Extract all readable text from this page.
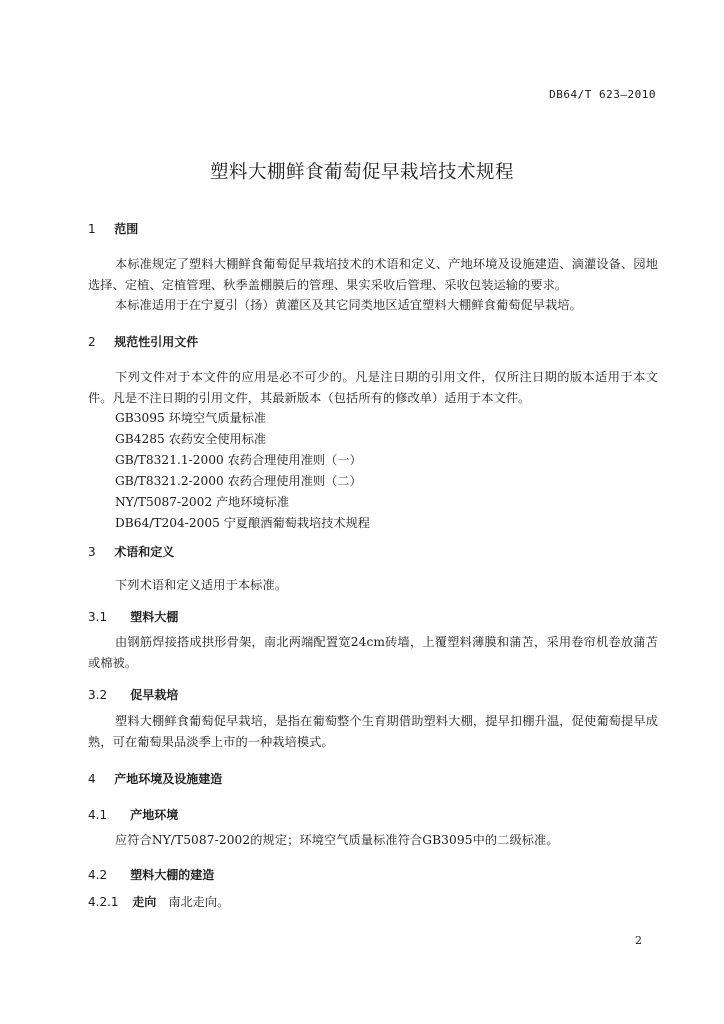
DB64/T 623—2010
塑料大棚鲜食葡萄促早栽培技术规程
1 范围
本标准规定了塑料大棚鲜食葡萄促早栽培技术的术语和定义、产地环境及设施建造、滴灌设备、园地选择、定植、定植管理、秋季盖棚膜后的管理、果实采收后管理、采收包装运输的要求。
本标准适用于在宁夏引（扬）黄灌区及其它同类地区适宜塑料大棚鲜食葡萄促早栽培。
2 规范性引用文件
下列文件对于本文件的应用是必不可少的。凡是注日期的引用文件，仅所注日期的版本适用于本文件。凡是不注日期的引用文件，其最新版本（包括所有的修改单）适用于本文件。
GB3095 环境空气质量标准
GB4285 农药安全使用标准
GB/T8321.1-2000 农药合理使用准则（一）
GB/T8321.2-2000 农药合理使用准则（二）
NY/T5087-2002 产地环境标准
DB64/T204-2005 宁夏酿酒葡萄栽培技术规程
3 术语和定义
下列术语和定义适用于本标准。
3.1 塑料大棚
由钢筋焊接搭成拱形骨架，南北两端配置宽24cm砖墙，上覆塑料薄膜和蒲苫，采用卷帘机卷放蒲苫或棉被。
3.2 促早栽培
塑料大棚鲜食葡萄促早栽培，是指在葡萄整个生育期借助塑料大棚，提早扣棚升温，促使葡萄提早成熟，可在葡萄果品淡季上市的一种栽培模式。
4 产地环境及设施建造
4.1 产地环境
应符合NY/T5087-2002的规定；环境空气质量标准符合GB3095中的二级标准。
4.2 塑料大棚的建造
4.2.1 走向 南北走向。
2
